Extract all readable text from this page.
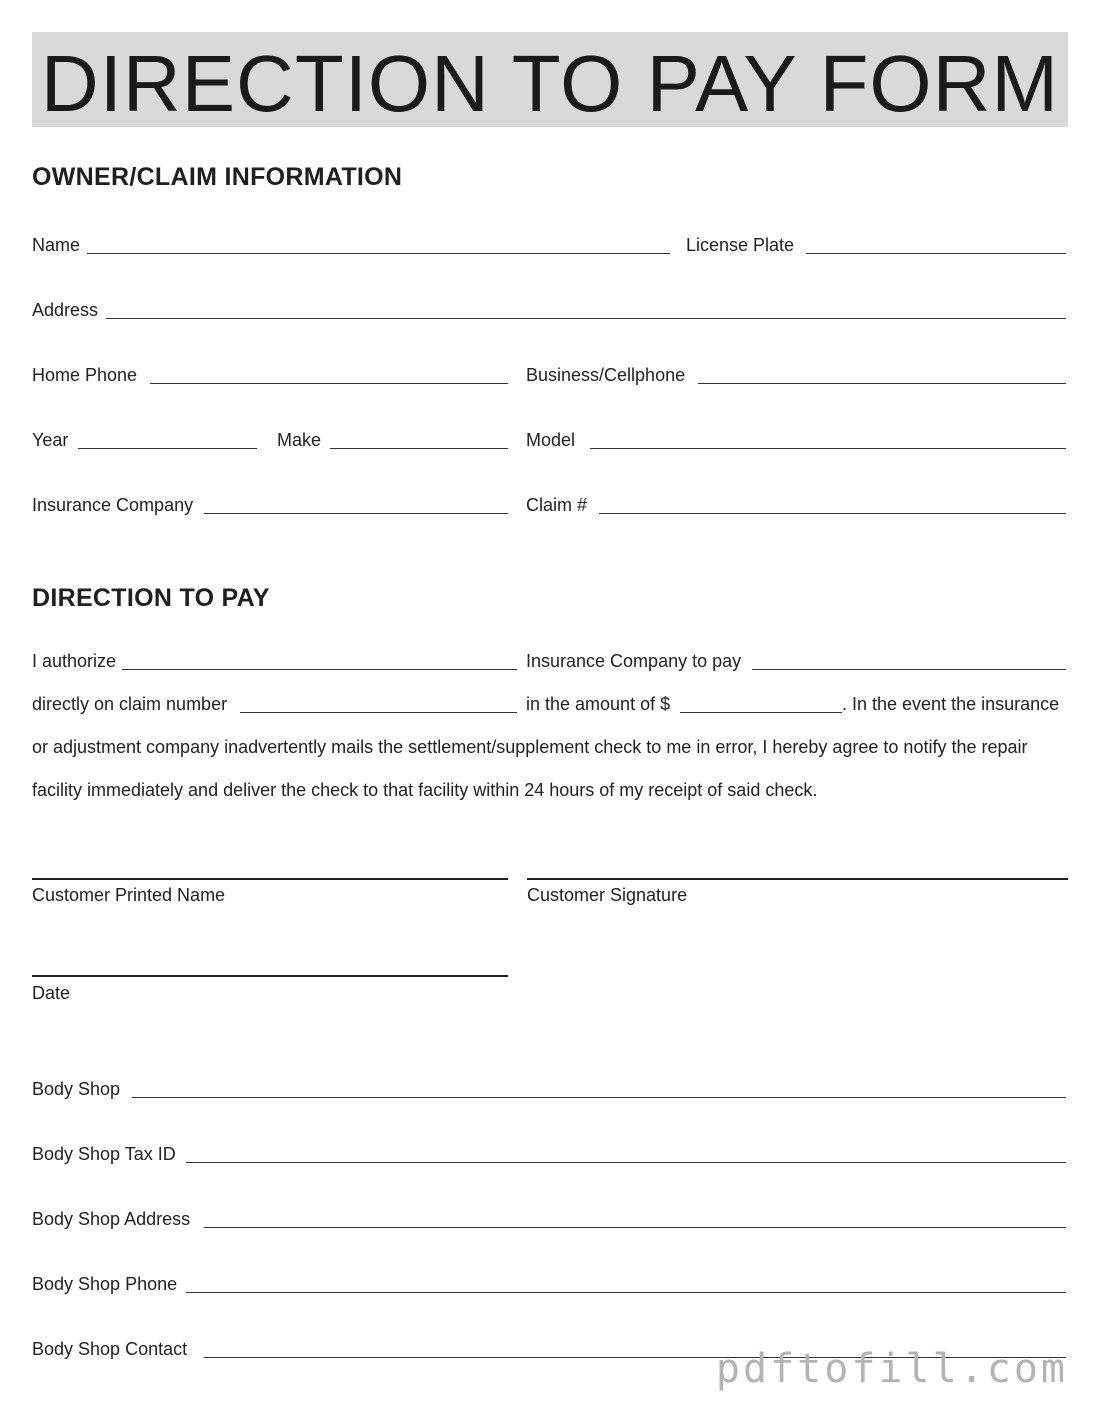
DIRECTION TO PAY FORM
OWNER/CLAIM INFORMATION
Name	License Plate
Address
Home Phone	Business/Cellphone
Year	Make	Model
Insurance Company	Claim #
DIRECTION TO PAY
I authorize	Insurance Company to pay
directly on claim number	in the amount of $	. In the event the insurance
or adjustment company inadvertently mails the settlement/supplement check to me in error, I hereby agree to notify the repair
facility immediately and deliver the check to that facility within 24 hours of my receipt of said check.
Customer Printed Name	Customer Signature
Date
Body Shop
Body Shop Tax ID
Body Shop Address
Body Shop Phone
Body Shop Contact	pdftofill.com
